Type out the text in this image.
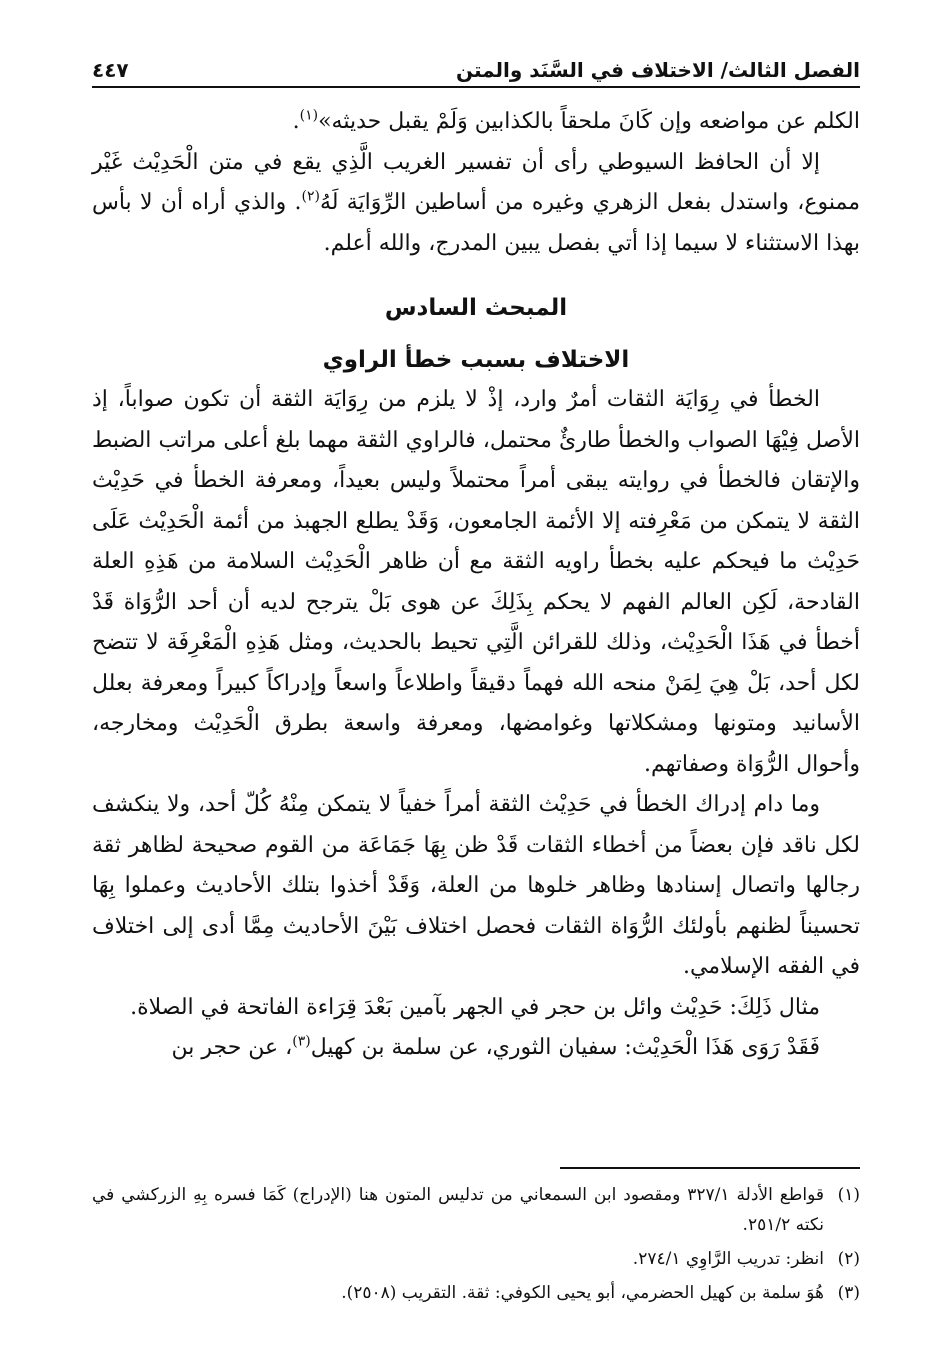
الفصل الثالث/ الاختلاف في السَّنَد والمتن
٤٤٧

الكلم عن مواضعه وإن كَانَ ملحقاً بالكذابين وَلَمْ يقبل حديثه»$^{(١)}$.

إلا أن الحافظ السيوطي رأى أن تفسير الغريب الَّذِي يقع في متن الْحَدِيْث غَيْر ممنوع، واستدل بفعل الزهري وغيره من أساطين الرِّوَايَة لَهُ$^{(٢)}$. والذي أراه أن لا بأس بهذا الاستثناء لا سيما إذا أتي بفصل يبين المدرج، والله أعلم.

المبحث السادس

الاختلاف بسبب خطأ الراوي

الخطأ في رِوَايَة الثقات أمرٌ وارد، إذْ لا يلزم من رِوَايَة الثقة أن تكون صواباً، إذ الأصل فِيْهَا الصواب والخطأ طارئٌ محتمل، فالراوي الثقة مهما بلغ أعلى مراتب الضبط والإتقان فالخطأ في روايته يبقى أمراً محتملاً وليس بعيداً، ومعرفة الخطأ في حَدِيْث الثقة لا يتمكن من مَعْرِفته إلا الأئمة الجامعون، وَقَدْ يطلع الجهبذ من أئمة الْحَدِيْث عَلَى حَدِيْث ما فيحكم عليه بخطأ راويه الثقة مع أن ظاهر الْحَدِيْث السلامة من هَذِهِ العلة القادحة، لَكِن العالم الفهم لا يحكم بِذَلِكَ عن هوى بَلْ يترجح لديه أن أحد الرُّوَاة قَدْ أخطأ في هَذَا الْحَدِيْث، وذلك للقرائن الَّتِي تحيط بالحديث، ومثل هَذِهِ الْمَعْرِفَة لا تتضح لكل أحد، بَلْ هِيَ لِمَنْ منحه الله فهماً دقيقاً واطلاعاً واسعاً وإدراكاً كبيراً ومعرفة بعلل الأسانيد ومتونها ومشكلاتها وغوامضها، ومعرفة واسعة بطرق الْحَدِيْث ومخارجه، وأحوال الرُّوَاة وصفاتهم.

وما دام إدراك الخطأ في حَدِيْث الثقة أمراً خفياً لا يتمكن مِنْهُ كُلّ أحد، ولا ينكشف لكل ناقد فإن بعضاً من أخطاء الثقات قَدْ ظن بِهَا جَمَاعَة من القوم صحيحة لظاهر ثقة رجالها واتصال إسنادها وظاهر خلوها من العلة، وَقَدْ أخذوا بتلك الأحاديث وعملوا بِهَا تحسيناً لظنهم بأولئك الرُّوَاة الثقات فحصل اختلاف بَيْنَ الأحاديث مِمَّا أدى إلى اختلاف في الفقه الإسلامي.

مثال ذَلِكَ: حَدِيْث وائل بن حجر في الجهر بآمين بَعْدَ قِرَاءة الفاتحة في الصلاة.

فَقَدْ رَوَى هَذَا الْحَدِيْث: سفيان الثوري، عن سلمة بن كهيل$^{(٣)}$، عن حجر بن

(١)قواطع الأدلة ٣٢٧/١ ومقصود ابن السمعاني من تدليس المتون هنا (الإدراج) كَمَا فسره بِهِ الزركشي في نكته ٢٥١/٢.

(٢)انظر: تدريب الرَّاوِي ٢٧٤/١.

(٣)هُوَ سلمة بن كهيل الحضرمي، أبو يحيى الكوفي: ثقة. التقريب (٢٥٠٨).
